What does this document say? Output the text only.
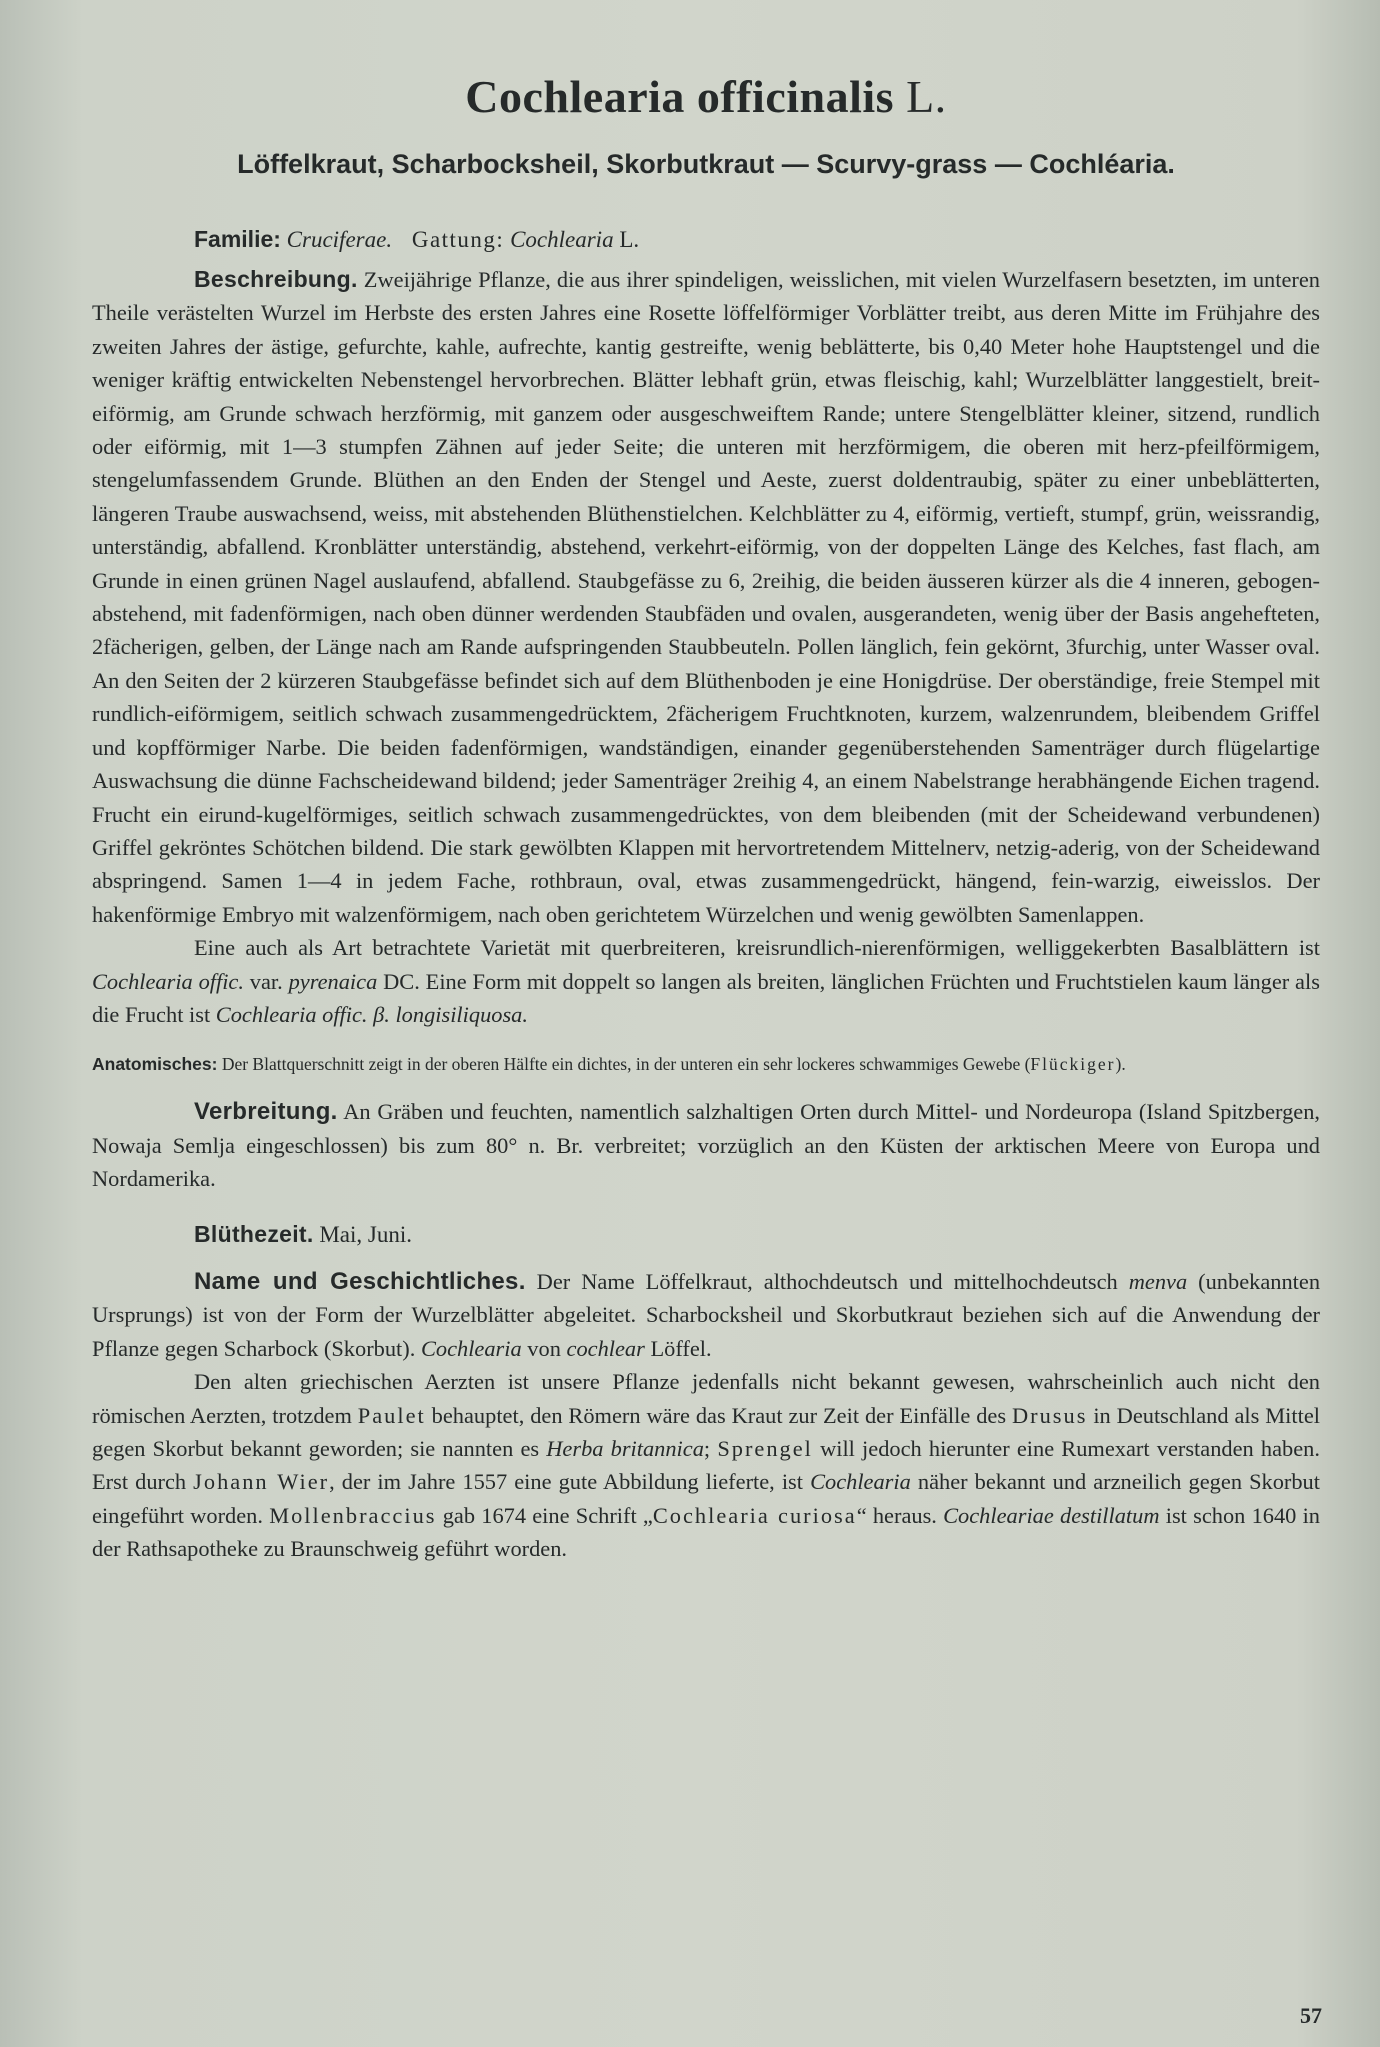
Cochlearia officinalis L.
Löffelkraut, Scharbocksheil, Skorbutkraut — Scurvy-grass — Cochléaria.
Familie: Cruciferae. Gattung: Cochlearia L.

Beschreibung. Zweijährige Pflanze, die aus ihrer spindeligen, weisslichen, mit vielen Wurzelfasern besetzten, im unteren Theile verästelten Wurzel im Herbste des ersten Jahres eine Rosette löffelförmiger Vorblätter treibt, aus deren Mitte im Frühjahre des zweiten Jahres der ästige, gefurchte, kahle, aufrechte, kantig gestreifte, wenig beblätterte, bis 0,40 Meter hohe Hauptstengel und die weniger kräftig entwickelten Nebenstengel hervorbrechen. Blätter lebhaft grün, etwas fleischig, kahl; Wurzelblätter langgestielt, breit-eiförmig, am Grunde schwach herzförmig, mit ganzem oder ausgeschweiftem Rande; untere Stengelblätter kleiner, sitzend, rundlich oder eiförmig, mit 1—3 stumpfen Zähnen auf jeder Seite; die unteren mit herzförmigem, die oberen mit herz-pfeilförmigem, stengelumfassendem Grunde. Blüthen an den Enden der Stengel und Aeste, zuerst doldentraubig, später zu einer unbeblätterten, längeren Traube auswachsend, weiss, mit abstehenden Blüthenstielchen. Kelchblätter zu 4, eiförmig, vertieft, stumpf, grün, weissrandig, unterständig, abfallend. Kronblätter unterständig, abstehend, verkehrt-eiförmig, von der doppelten Länge des Kelches, fast flach, am Grunde in einen grünen Nagel auslaufend, abfallend. Staubgefässe zu 6, 2reihig, die beiden äusseren kürzer als die 4 inneren, gebogen-abstehend, mit fadenförmigen, nach oben dünner werdenden Staubfäden und ovalen, ausgerandeten, wenig über der Basis angehefteten, 2fächerigen, gelben, der Länge nach am Rande aufspringenden Staubbeuteln. Pollen länglich, fein gekörnt, 3furchig, unter Wasser oval. An den Seiten der 2 kürzeren Staubgefässe befindet sich auf dem Blüthenboden je eine Honigdrüse. Der oberständige, freie Stempel mit rundlich-eiförmigem, seitlich schwach zusammengedrücktem, 2fächerigem Fruchtknoten, kurzem, walzenrundem, bleibendem Griffel und kopfförmiger Narbe. Die beiden fadenförmigen, wandständigen, einander gegenüberstehenden Samenträger durch flügelartige Auswachsung die dünne Fachscheidewand bildend; jeder Samenträger 2reihig 4, an einem Nabelstrange herabhängende Eichen tragend. Frucht ein eirund-kugelförmiges, seitlich schwach zusammengedrücktes, von dem bleibenden (mit der Scheidewand verbundenen) Griffel gekröntes Schötchen bildend. Die stark gewölbten Klappen mit hervortretendem Mittelnerv, netzig-aderig, von der Scheidewand abspringend. Samen 1—4 in jedem Fache, rothbraun, oval, etwas zusammengedrückt, hängend, fein-warzig, eiweisslos. Der hakenförmige Embryo mit walzenförmigem, nach oben gerichtetem Würzelchen und wenig gewölbten Samenlappen.

Eine auch als Art betrachtete Varietät mit querbreiteren, kreisrundlich-nierenförmigen, welliggekerbten Basalblättern ist Cochlearia offic. var. pyrenaica DC. Eine Form mit doppelt so langen als breiten, länglichen Früchten und Fruchtstielen kaum länger als die Frucht ist Cochlearia offic. β. longisiliquosa.

Anatomisches: Der Blattquerschnitt zeigt in der oberen Hälfte ein dichtes, in der unteren ein sehr lockeres schwammiges Gewebe (Flückiger).

Verbreitung. An Gräben und feuchten, namentlich salzhaltigen Orten durch Mittel- und Nordeuropa (Island Spitzbergen, Nowaja Semlja eingeschlossen) bis zum 80° n. Br. verbreitet; vorzüglich an den Küsten der arktischen Meere von Europa und Nordamerika.

Blüthezeit. Mai, Juni.

Name und Geschichtliches. Der Name Löffelkraut, althochdeutsch und mittelhochdeutsch menva (unbekannten Ursprungs) ist von der Form der Wurzelblätter abgeleitet. Scharbocksheil und Skorbutkraut beziehen sich auf die Anwendung der Pflanze gegen Scharbock (Skorbut). Cochlearia von cochlear Löffel.

Den alten griechischen Aerzten ist unsere Pflanze jedenfalls nicht bekannt gewesen, wahrscheinlich auch nicht den römischen Aerzten, trotzdem Paulet behauptet, den Römern wäre das Kraut zur Zeit der Einfälle des Drusus in Deutschland als Mittel gegen Skorbut bekannt geworden; sie nannten es Herba britannica; Sprengel will jedoch hierunter eine Rumexart verstanden haben. Erst durch Johann Wier, der im Jahre 1557 eine gute Abbildung lieferte, ist Cochlearia näher bekannt und arzneilich gegen Skorbut eingeführt worden. Mollenbraccius gab 1674 eine Schrift „Cochlearia curiosa“ heraus. Cochleariae destillatum ist schon 1640 in der Rathsapotheke zu Braunschweig geführt worden.

57
